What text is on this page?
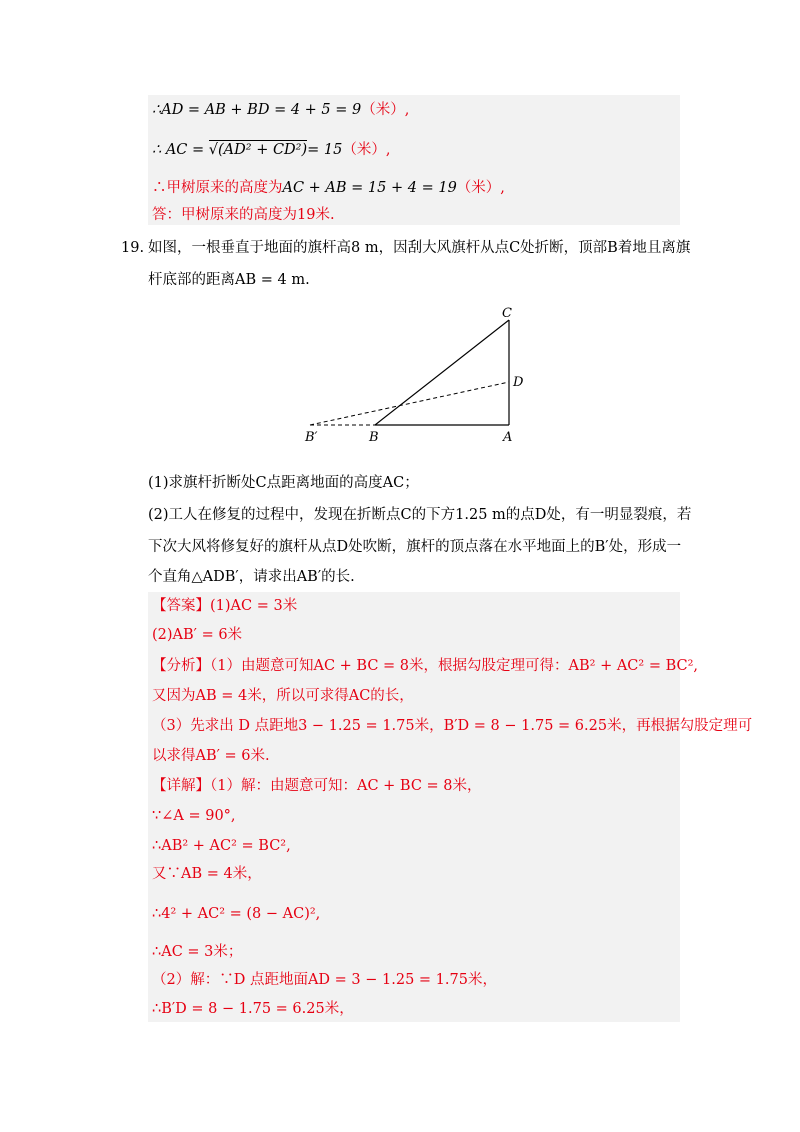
∴AD = AB + BD = 4 + 5 = 9（米）,
∴ AC = √(AD² + CD²)= 15（米）,
∴甲树原来的高度为AC + AB = 15 + 4 = 19（米）,
答：甲树原来的高度为19米.
19. 如图，一根垂直于地面的旗杆高8 m，因刮大风旗杆从点C处折断，顶部B着地且离旗
杆底部的距离AB = 4 m.
C
D
B′	B	A
(1)求旗杆折断处C点距离地面的高度AC；
(2)工人在修复的过程中，发现在折断点C的下方1.25 m的点D处，有一明显裂痕，若
下次大风将修复好的旗杆从点D处吹断，旗杆的顶点落在水平地面上的B′处，形成一
个直角△ADB′，请求出AB′的长.
【答案】(1)AC = 3米
(2)AB′ = 6米
【分析】（1）由题意可知AC + BC = 8米，根据勾股定理可得：AB² + AC² = BC²,
又因为AB = 4米，所以可求得AC的长，
（3）先求出 D 点距地3 − 1.25 = 1.75米，B′D = 8 − 1.75 = 6.25米，再根据勾股定理可
以求得AB′ = 6米.
【详解】（1）解：由题意可知：AC + BC = 8米，
∵∠A = 90°,
∴AB² + AC² = BC²,
又∵AB = 4米，
∴4² + AC² = (8 − AC)²,
∴AC = 3米；
（2）解：∵D 点距地面AD = 3 − 1.25 = 1.75米，
∴B′D = 8 − 1.75 = 6.25米，
